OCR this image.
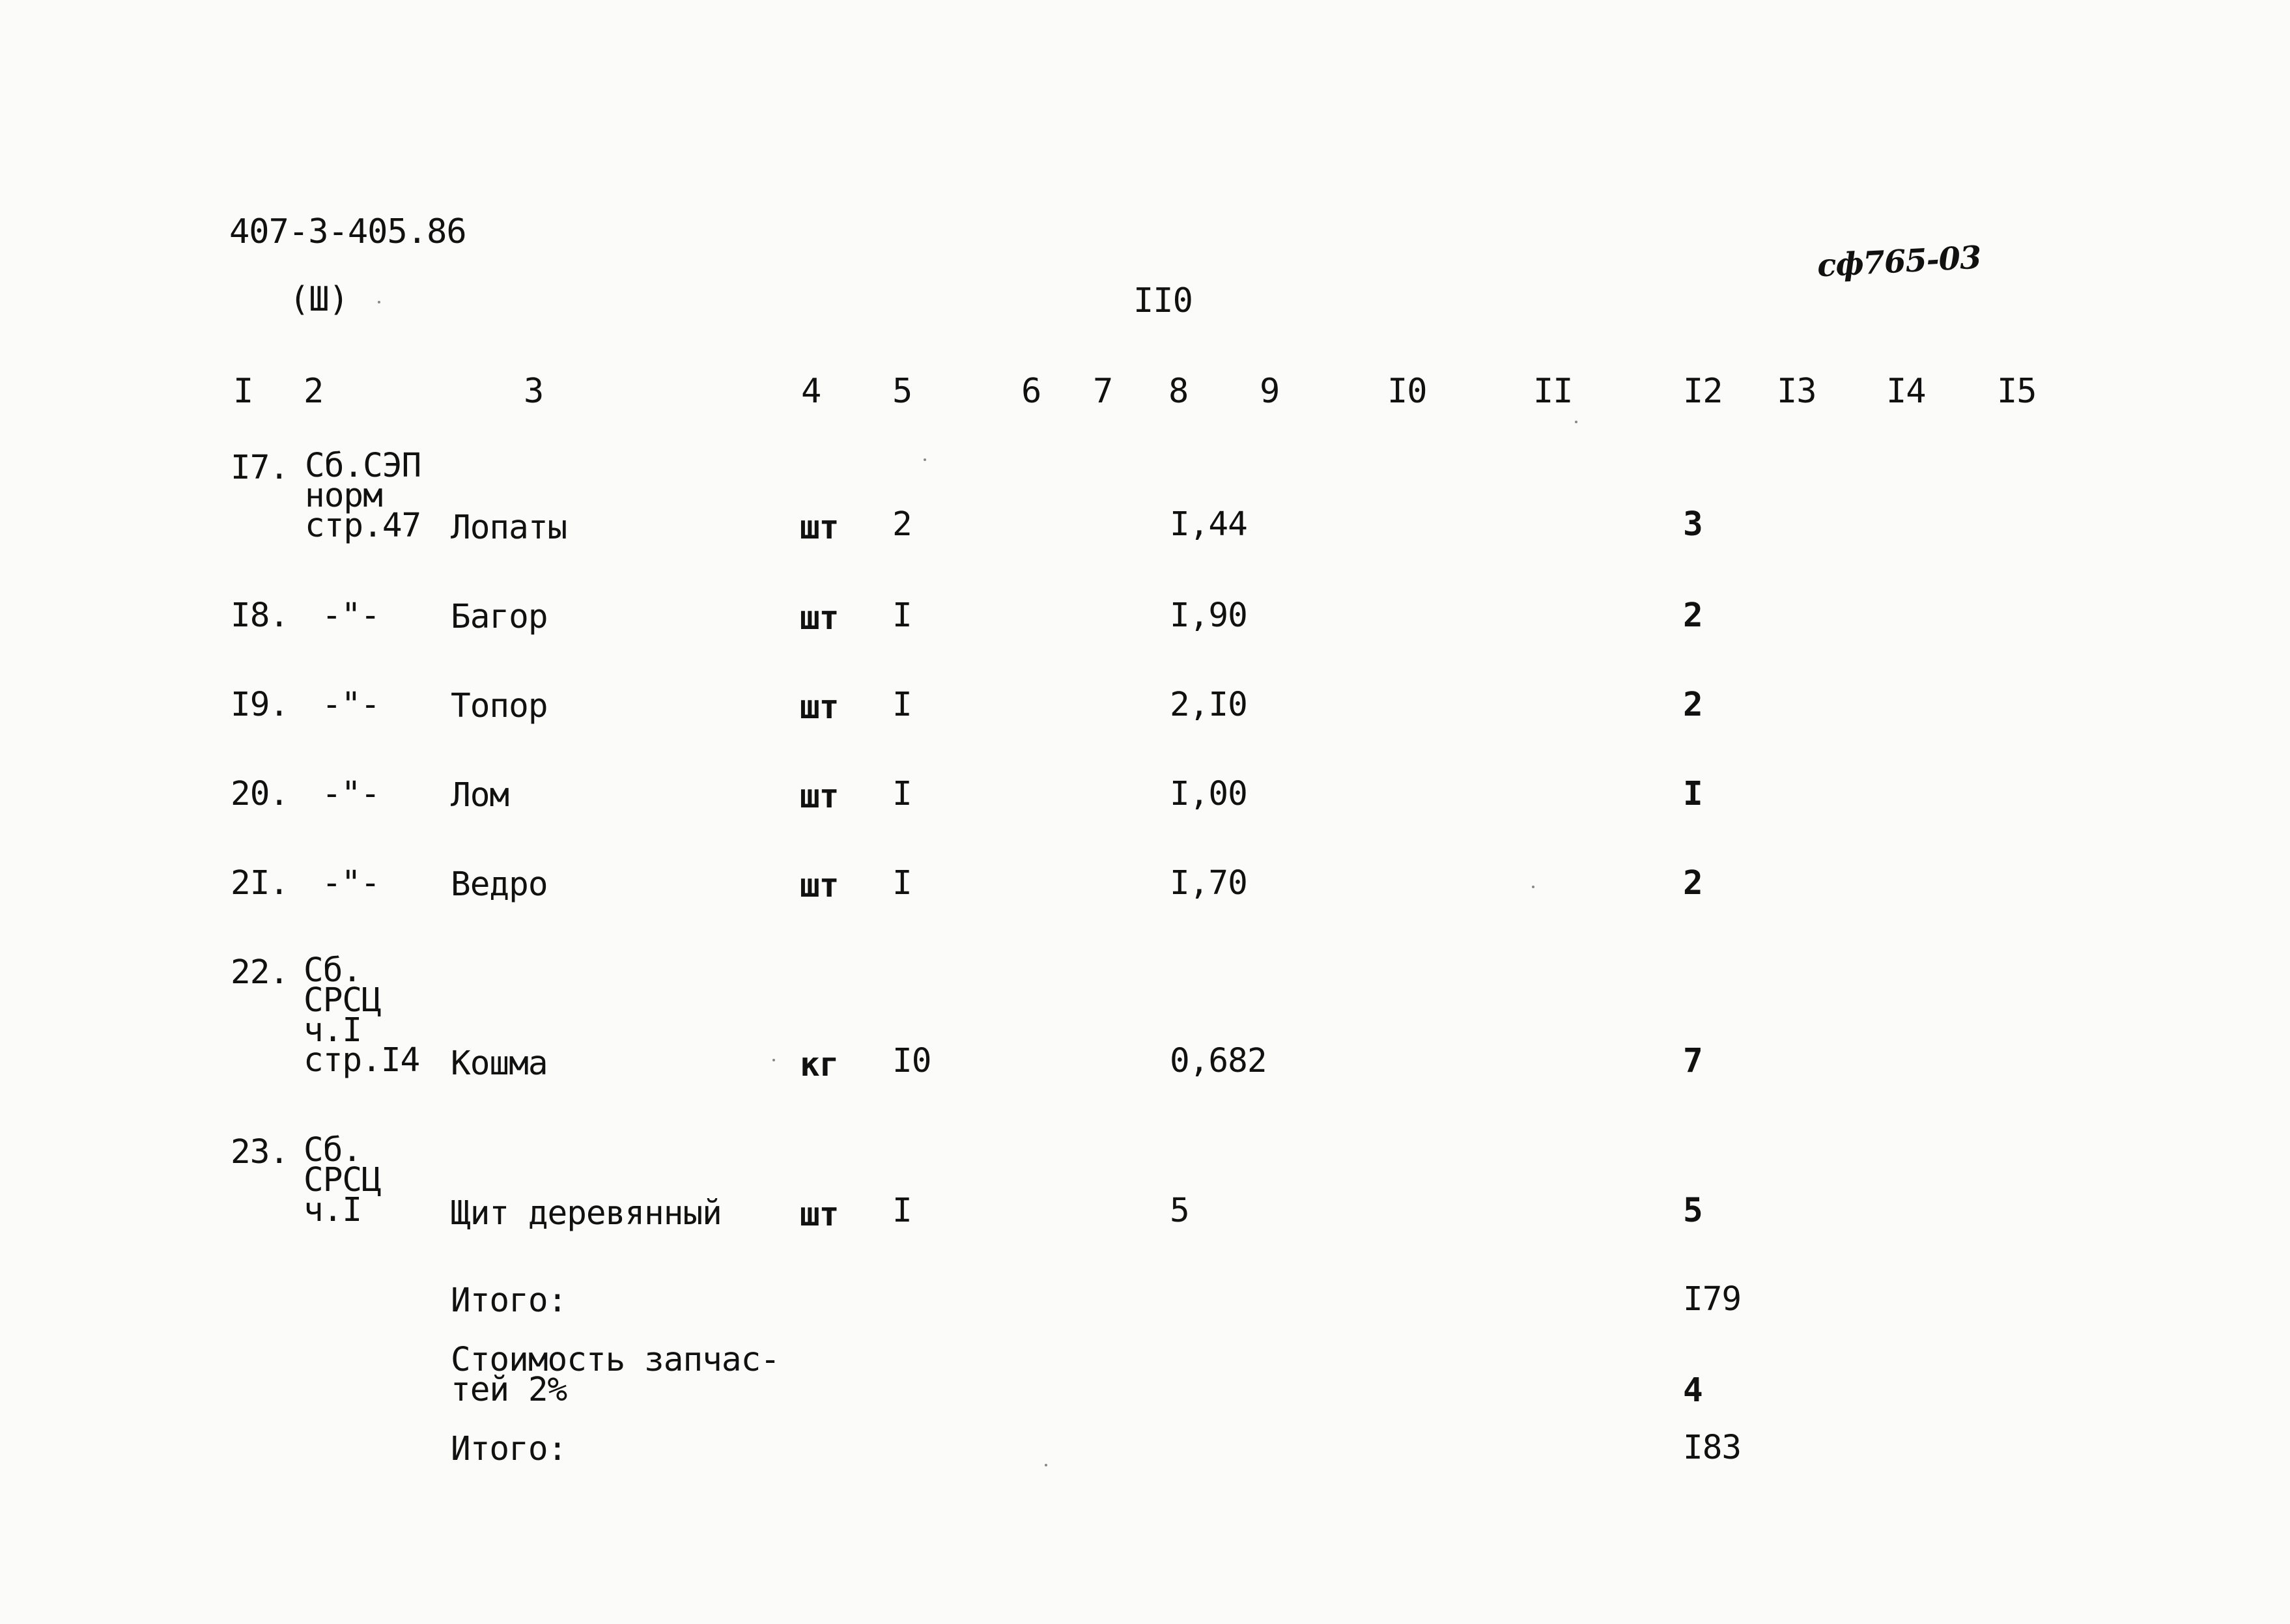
407-3-405.86
(Ш)	II0
сф765-03
I 2	3	4 5	6 7 8 9	I0	II	I2 I3 I4 I5
I7. Сб.СЭП
норм
стр.47 Лопаты	шт 2	I,44	3
I8. -"- Багор	шт I	I,90	2
I9. -"- Топор	шт I	2,I0	2
20. -"- Лом	шт I	I,00	I
2I. -"- Ведро	шт I	I,70	2
22. Сб.
СРСЦ
ч.I
стр.I4 Кошма	кг I0	0,682	7
23. Сб.
СРСЦ
ч.I	Щит деревянный шт I	5	5
Итого:	I79
Стоимость запчас-
тей 2%	4
Итого:	I83
